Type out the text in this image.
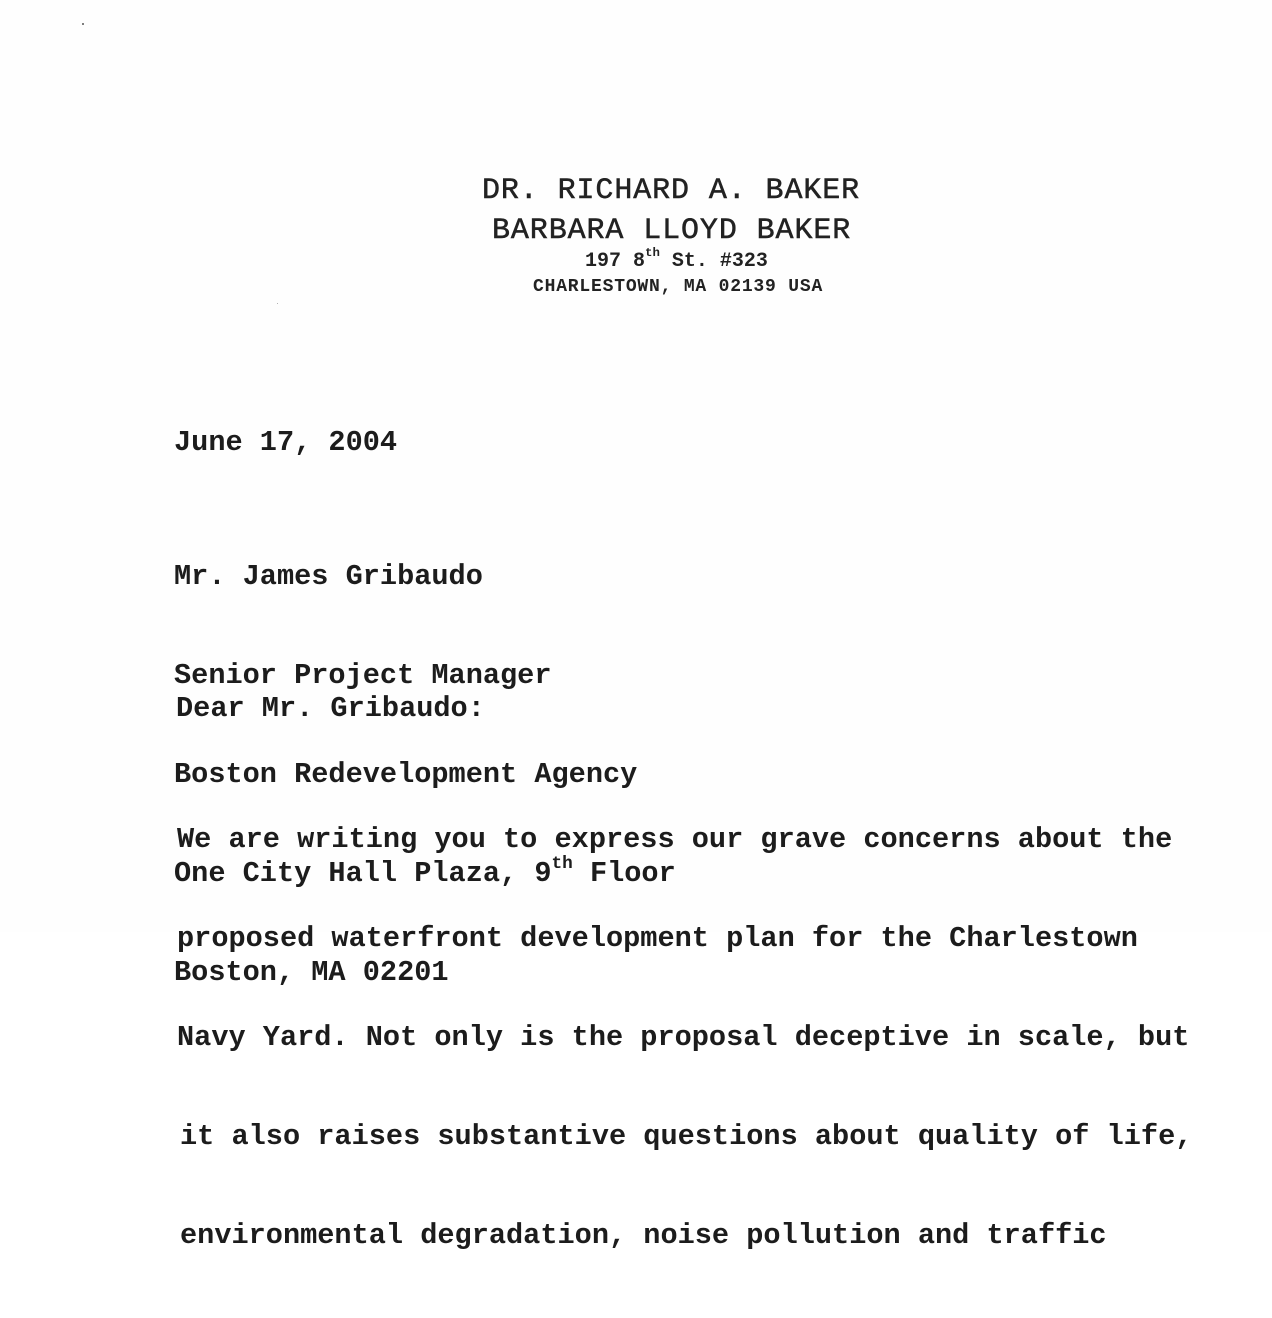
DR. RICHARD A. BAKER
BARBARA LLOYD BAKER
197 8th St. #323
CHARLESTOWN, MA 02139 USA
June 17, 2004

Mr. James Gribaudo

Senior Project Manager

Boston Redevelopment Agency

One City Hall Plaza, 9th Floor

Boston, MA 02201

Dear Mr. Gribaudo:

We are writing you to express our grave concerns about the

proposed waterfront development plan for the Charlestown

Navy Yard. Not only is the proposal deceptive in scale, but

it also raises substantive questions about quality of life,

environmental degradation, noise pollution and traffic
